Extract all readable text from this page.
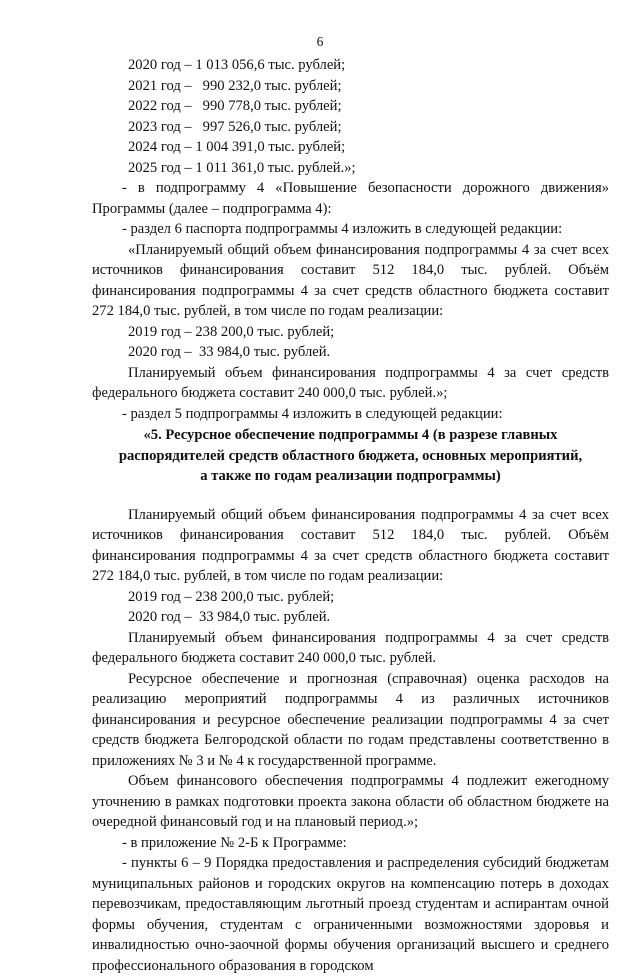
6
2020 год – 1 013 056,6 тыс. рублей;
2021 год –   990 232,0 тыс. рублей;
2022 год –   990 778,0 тыс. рублей;
2023 год –   997 526,0 тыс. рублей;
2024 год – 1 004 391,0 тыс. рублей;
2025 год – 1 011 361,0 тыс. рублей.»;
- в подпрограмму 4 «Повышение безопасности дорожного движения» Программы (далее – подпрограмма 4):
- раздел 6 паспорта подпрограммы 4 изложить в следующей редакции:
«Планируемый общий объем финансирования подпрограммы 4 за счет всех источников финансирования составит 512 184,0 тыс. рублей. Объём финансирования подпрограммы 4 за счет средств областного бюджета составит 272 184,0 тыс. рублей, в том числе по годам реализации:
2019 год – 238 200,0 тыс. рублей;
2020 год –  33 984,0 тыс. рублей.
Планируемый объем финансирования подпрограммы 4 за счет средств федерального бюджета составит 240 000,0 тыс. рублей.»;
- раздел 5 подпрограммы 4 изложить в следующей редакции:
«5. Ресурсное обеспечение подпрограммы 4 (в разрезе главных
распорядителей средств областного бюджета, основных мероприятий,
а также по годам реализации подпрограммы)
Планируемый общий объем финансирования подпрограммы 4 за счет всех источников финансирования составит 512 184,0 тыс. рублей. Объём финансирования подпрограммы 4 за счет средств областного бюджета составит 272 184,0 тыс. рублей, в том числе по годам реализации:
2019 год – 238 200,0 тыс. рублей;
2020 год –  33 984,0 тыс. рублей.
Планируемый объем финансирования подпрограммы 4 за счет средств федерального бюджета составит 240 000,0 тыс. рублей.
Ресурсное обеспечение и прогнозная (справочная) оценка расходов на реализацию мероприятий подпрограммы 4 из различных источников финансирования и ресурсное обеспечение реализации подпрограммы 4 за счет средств бюджета Белгородской области по годам представлены соответственно в приложениях № 3 и № 4 к государственной программе.
Объем финансового обеспечения подпрограммы 4 подлежит ежегодному уточнению в рамках подготовки проекта закона области об областном бюджете на очередной финансовый год и на плановый период.»;
- в приложение № 2-Б к Программе:
- пункты 6 – 9 Порядка предоставления и распределения субсидий бюджетам муниципальных районов и городских округов на компенсацию потерь в доходах перевозчикам, предоставляющим льготный проезд студентам и аспирантам очной формы обучения, студентам с ограниченными возможностями здоровья и инвалидностью очно-заочной формы обучения организаций высшего и среднего профессионального образования в городском
